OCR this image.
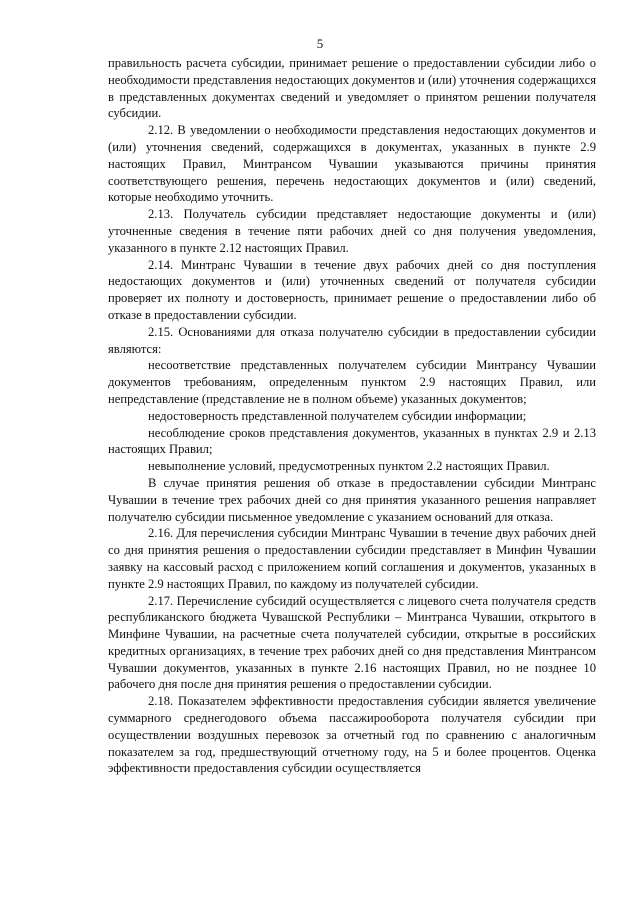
5

правильность расчета субсидии, принимает решение о предоставлении субсидии либо о необходимости представления недостающих документов и (или) уточнения содержащихся в представленных документах сведений и уведомляет о принятом решении получателя субсидии.

2.12. В уведомлении о необходимости представления недостающих документов и (или) уточнения сведений, содержащихся в документах, указанных в пункте 2.9 настоящих Правил, Минтрансом Чувашии указываются причины принятия соответствующего решения, перечень недостающих документов и (или) сведений, которые необходимо уточнить.

2.13. Получатель субсидии представляет недостающие документы и (или) уточненные сведения в течение пяти рабочих дней со дня получения уведомления, указанного в пункте 2.12 настоящих Правил.

2.14. Минтранс Чувашии в течение двух рабочих дней со дня поступления недостающих документов и (или) уточненных сведений от получателя субсидии проверяет их полноту и достоверность, принимает решение о предоставлении либо об отказе в предоставлении субсидии.

2.15. Основаниями для отказа получателю субсидии в предоставлении субсидии являются:

несоответствие представленных получателем субсидии Минтрансу Чувашии документов требованиям, определенным пунктом 2.9 настоящих Правил, или непредставление (представление не в полном объеме) указанных документов;

недостоверность представленной получателем субсидии информации;

несоблюдение сроков представления документов, указанных в пунктах 2.9 и 2.13 настоящих Правил;

невыполнение условий, предусмотренных пунктом 2.2 настоящих Правил.

В случае принятия решения об отказе в предоставлении субсидии Минтранс Чувашии в течение трех рабочих дней со дня принятия указанного решения направляет получателю субсидии письменное уведомление с указанием оснований для отказа.

2.16. Для перечисления субсидии Минтранс Чувашии в течение двух рабочих дней со дня принятия решения о предоставлении субсидии представляет в Минфин Чувашии заявку на кассовый расход с приложением копий соглашения и документов, указанных в пункте 2.9 настоящих Правил, по каждому из получателей субсидии.

2.17. Перечисление субсидий осуществляется с лицевого счета получателя средств республиканского бюджета Чувашской Республики – Минтранса Чувашии, открытого в Минфине Чувашии, на расчетные счета получателей субсидии, открытые в российских кредитных организациях, в течение трех рабочих дней со дня представления Минтрансом Чувашии документов, указанных в пункте 2.16 настоящих Правил, но не позднее 10 рабочего дня после дня принятия решения о предоставлении субсидии.

2.18. Показателем эффективности предоставления субсидии является увеличение суммарного среднегодового объема пассажирооборота получателя субсидии при осуществлении воздушных перевозок за отчетный год по сравнению с аналогичным показателем за год, предшествующий отчетному году, на 5 и более процентов. Оценка эффективности предоставления субсидии осуществляется
